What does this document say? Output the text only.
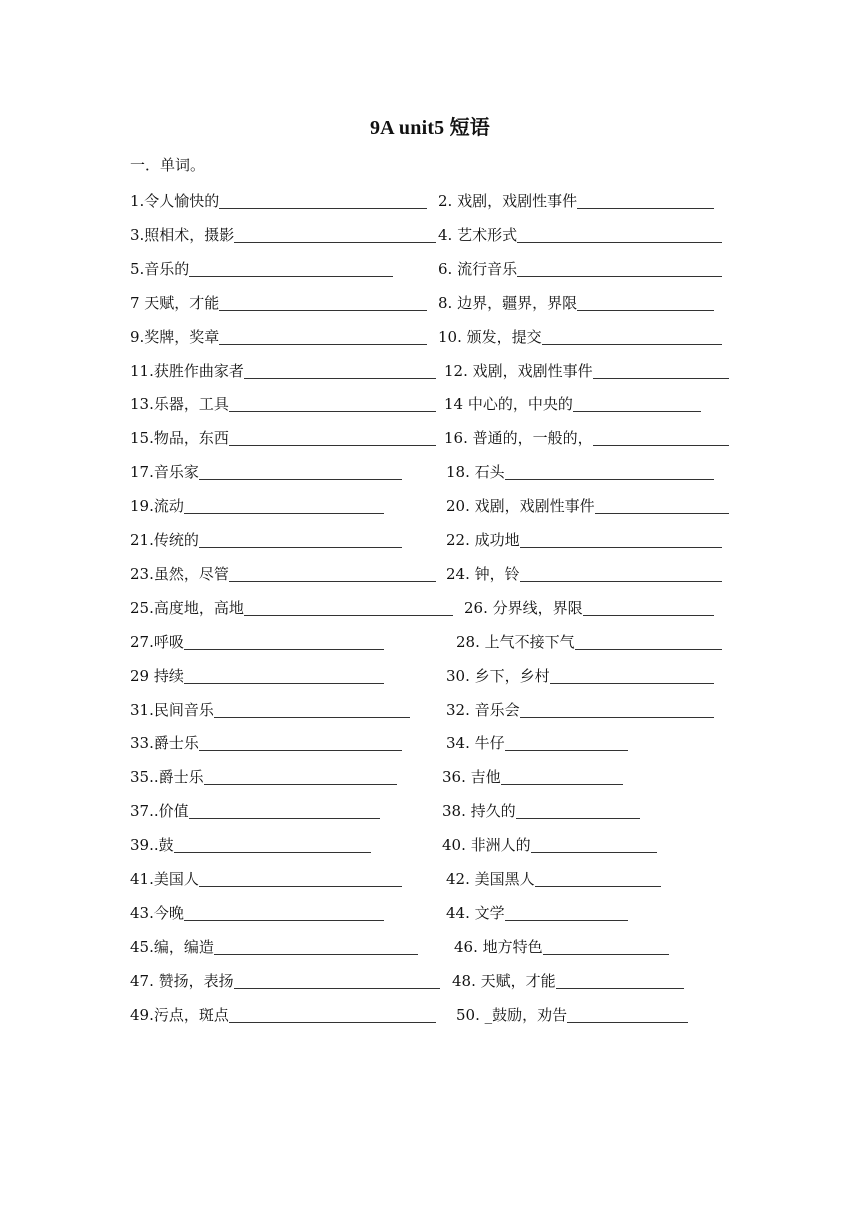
9A unit5 短语
一．单词。
1.令人愉快的	2. 戏剧，戏剧性事件
3.照相术，摄影	4. 艺术形式
5.音乐的	6. 流行音乐
7 天赋，才能	8. 边界，疆界，界限
9.奖牌，奖章	10. 颁发，提交
11.获胜作曲家者	12. 戏剧，戏剧性事件
13.乐器，工具	14 中心的，中央的
15.物品，东西	16. 普通的，一般的，
17.音乐家	18. 石头
19.流动	20. 戏剧，戏剧性事件
21.传统的	22. 成功地
23.虽然，尽管	24. 钟，铃
25.高度地，高地	26. 分界线，界限
27.呼吸	28. 上气不接下气
29 持续	30. 乡下，乡村
31.民间音乐	32. 音乐会
33.爵士乐	34. 牛仔
35..爵士乐	36. 吉他
37..价值	38. 持久的
39..鼓	40. 非洲人的
41.美国人	42. 美国黑人
43.今晚	44. 文学
45.编，编造	46. 地方特色
47. 赞扬，表扬	48. 天赋，才能
49.污点，斑点	50. _鼓励，劝告
